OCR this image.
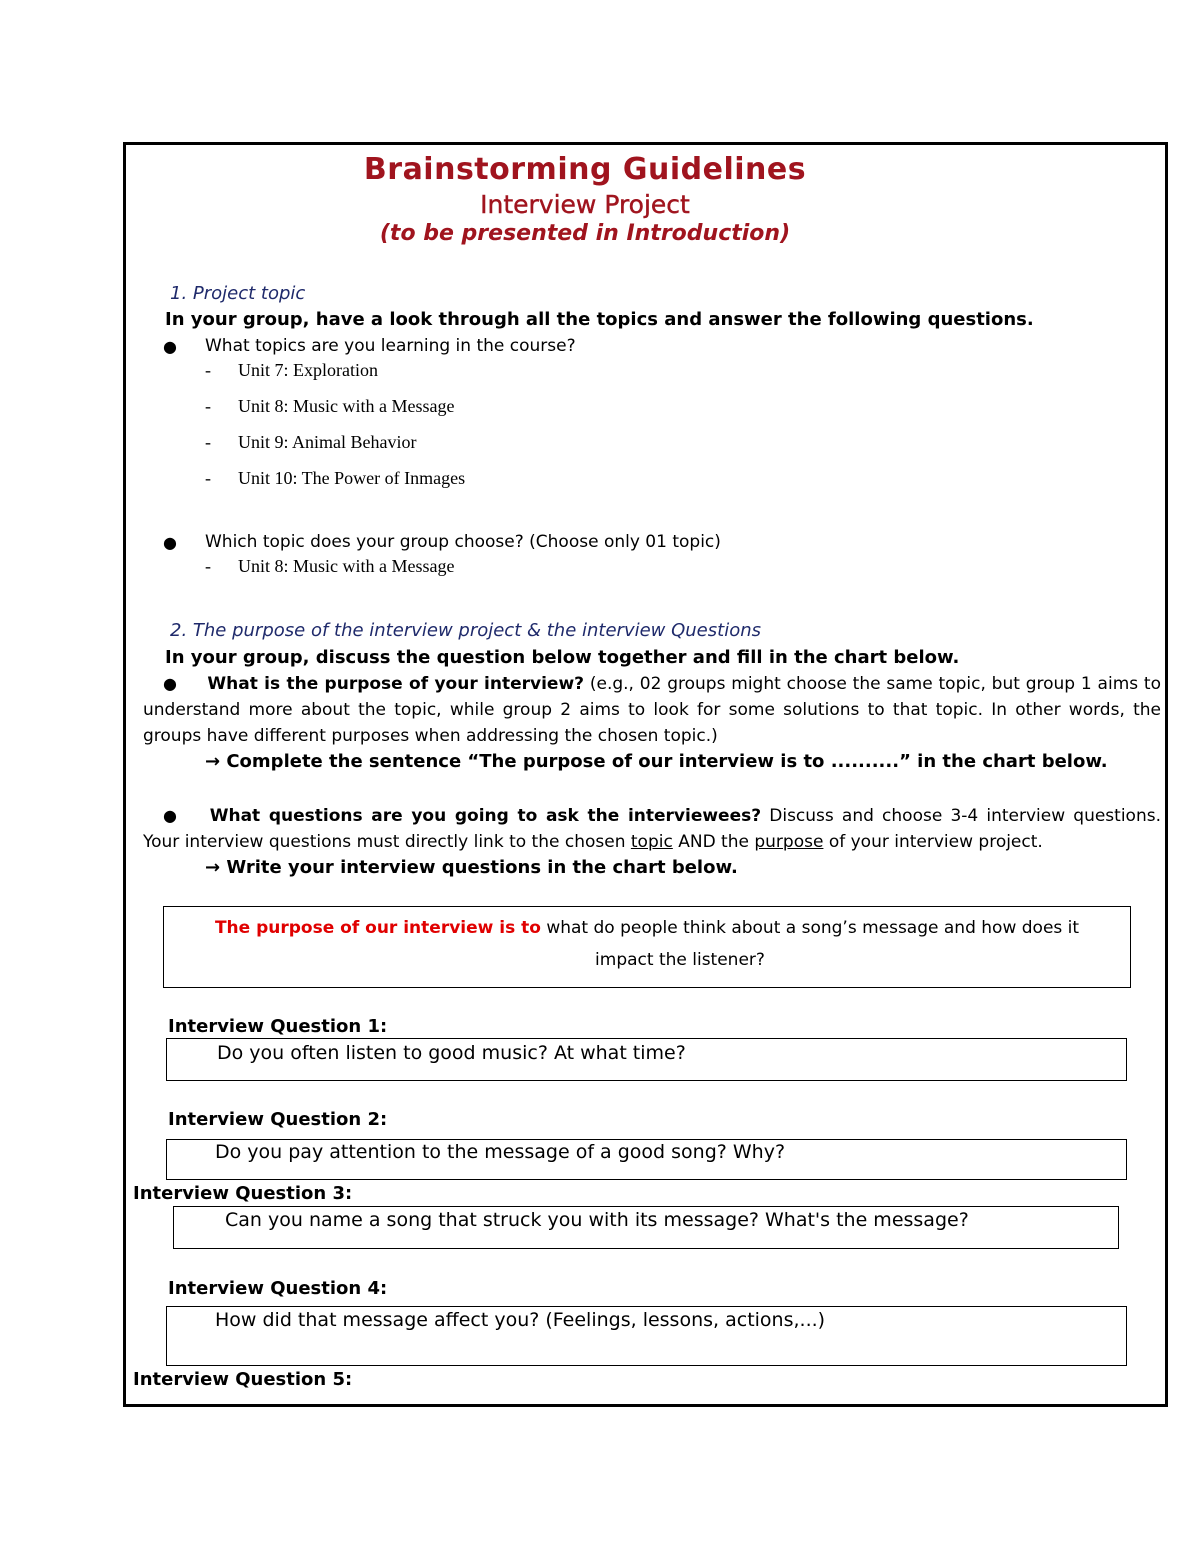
Brainstorming Guidelines
Interview Project
(to be presented in Introduction)
1. Project topic
In your group, have a look through all the topics and answer the following questions.
● What topics are you learning in the course?
- Unit 7: Exploration
- Unit 8: Music with a Message
- Unit 9: Animal Behavior
- Unit 10: The Power of Inmages
● Which topic does your group choose? (Choose only 01 topic)
- Unit 8: Music with a Message
2. The purpose of the interview project & the interview Questions
In your group, discuss the question below together and fill in the chart below.
● What is the purpose of your interview? (e.g., 02 groups might choose the same topic, but group 1 aims to understand more about the topic, while group 2 aims to look for some solutions to that topic. In other words, the groups have different purposes when addressing the chosen topic.)
→ Complete the sentence “The purpose of our interview is to ..........” in the chart below.
● What questions are you going to ask the interviewees? Discuss and choose 3-4 interview questions. Your interview questions must directly link to the chosen topic AND the purpose of your interview project.
→ Write your interview questions in the chart below.
The purpose of our interview is to what do people think about a song’s message and how does it
impact the listener?
Interview Question 1:
Do you often listen to good music? At what time?
Interview Question 2:
Do you pay attention to the message of a good song? Why?
Interview Question 3:
Can you name a song that struck you with its message? What's the message?
Interview Question 4:
How did that message affect you? (Feelings, lessons, actions,...)
Interview Question 5:
